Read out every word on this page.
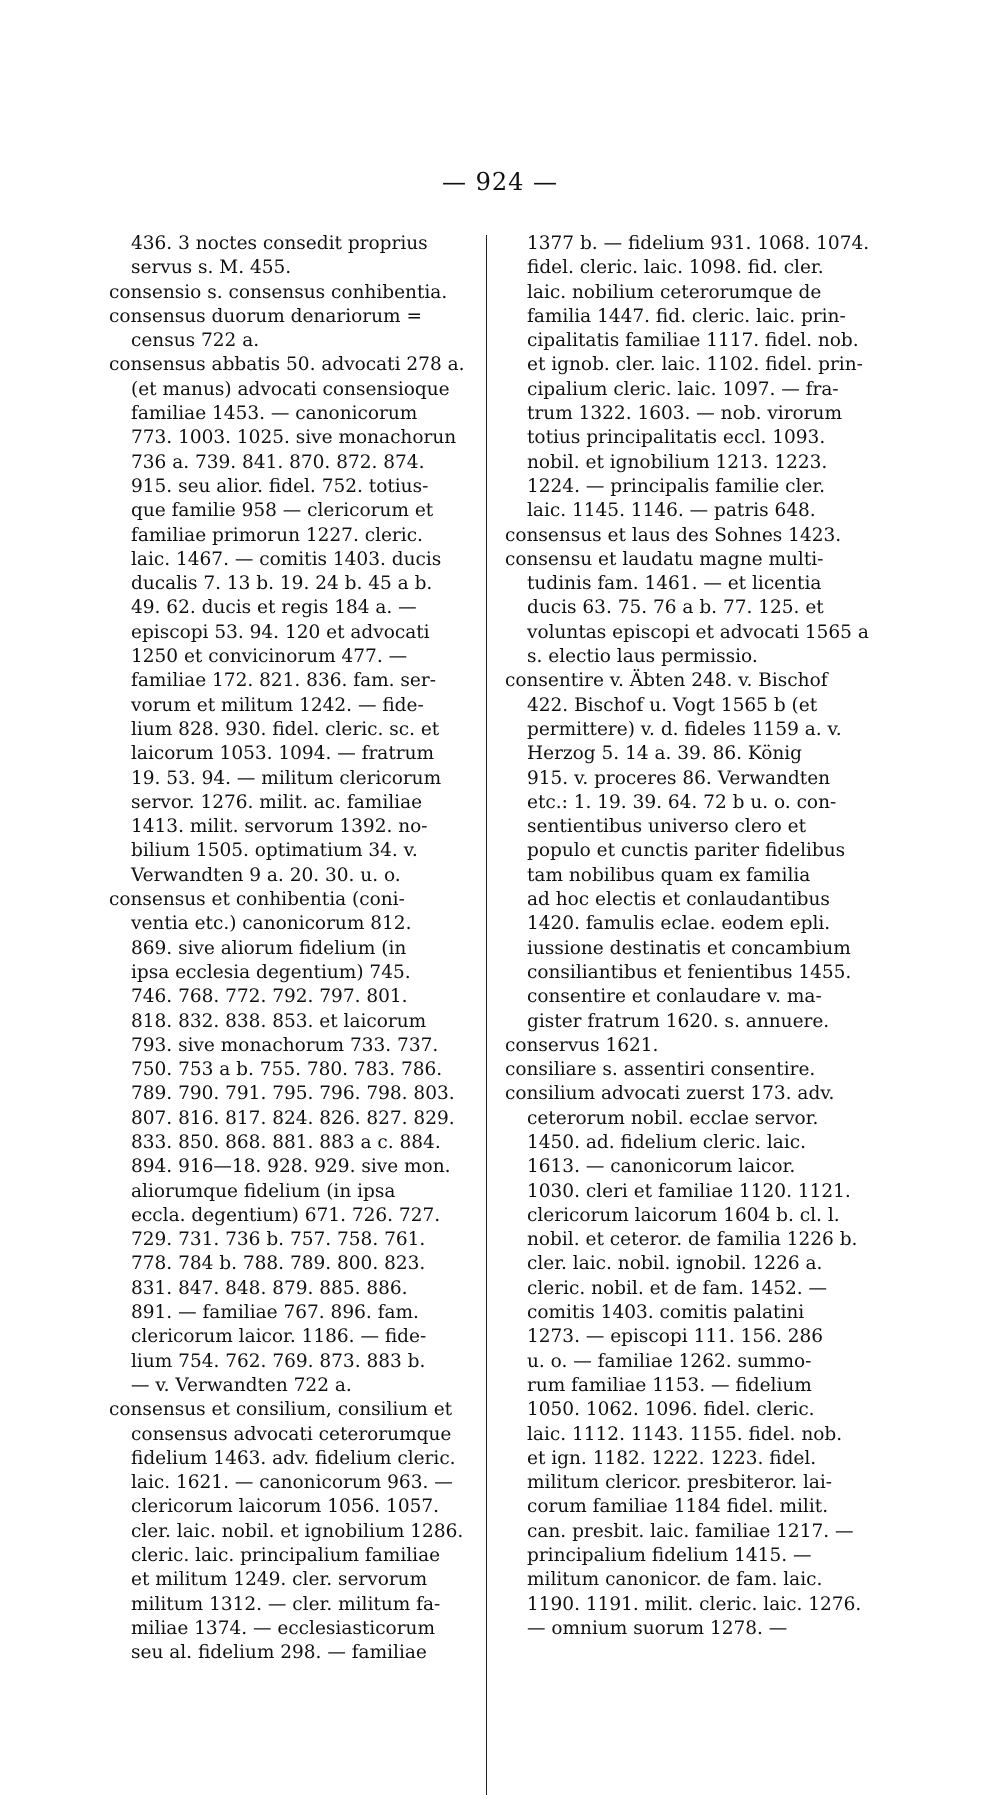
— 924 —
436. 3 noctes consedit proprius
servus s. M. 455.
consensio s. consensus conhibentia.
consensus duorum denariorum =
census 722 a.
consensus abbatis 50. advocati 278 a.
(et manus) advocati consensioque
familiae 1453. — canonicorum
773. 1003. 1025. sive monachorun
736 a. 739. 841. 870. 872. 874.
915. seu alior. fidel. 752. totius-
que familie 958 — clericorum et
familiae primorun 1227. cleric.
laic. 1467. — comitis 1403. ducis
ducalis 7. 13 b. 19. 24 b. 45 a b.
49. 62. ducis et regis 184 a. —
episcopi 53. 94. 120 et advocati
1250 et convicinorum 477. —
familiae 172. 821. 836. fam. ser-
vorum et militum 1242. — fide-
lium 828. 930. fidel. cleric. sc. et
laicorum 1053. 1094. — fratrum
19. 53. 94. — militum clericorum
servor. 1276. milit. ac. familiae
1413. milit. servorum 1392. no-
bilium 1505. optimatium 34. v.
Verwandten 9 a. 20. 30. u. o.
consensus et conhibentia (coni-
ventia etc.) canonicorum 812.
869. sive aliorum fidelium (in
ipsa ecclesia degentium) 745.
746. 768. 772. 792. 797. 801.
818. 832. 838. 853. et laicorum
793. sive monachorum 733. 737.
750. 753 a b. 755. 780. 783. 786.
789. 790. 791. 795. 796. 798. 803.
807. 816. 817. 824. 826. 827. 829.
833. 850. 868. 881. 883 a c. 884.
894. 916—18. 928. 929. sive mon.
aliorumque fidelium (in ipsa
eccla. degentium) 671. 726. 727.
729. 731. 736 b. 757. 758. 761.
778. 784 b. 788. 789. 800. 823.
831. 847. 848. 879. 885. 886.
891. — familiae 767. 896. fam.
clericorum laicor. 1186. — fide-
lium 754. 762. 769. 873. 883 b.
— v. Verwandten 722 a.
consensus et consilium, consilium et
consensus advocati ceterorumque
fidelium 1463. adv. fidelium cleric.
laic. 1621. — canonicorum 963. —
clericorum laicorum 1056. 1057.
cler. laic. nobil. et ignobilium 1286.
cleric. laic. principalium familiae
et militum 1249. cler. servorum
militum 1312. — cler. militum fa-
miliae 1374. — ecclesiasticorum
seu al. fidelium 298. — familiae
1377 b. — fidelium 931. 1068. 1074.
fidel. cleric. laic. 1098. fid. cler.
laic. nobilium ceterorumque de
familia 1447. fid. cleric. laic. prin-
cipalitatis familiae 1117. fidel. nob.
et ignob. cler. laic. 1102. fidel. prin-
cipalium cleric. laic. 1097. — fra-
trum 1322. 1603. — nob. virorum
totius principalitatis eccl. 1093.
nobil. et ignobilium 1213. 1223.
1224. — principalis familie cler.
laic. 1145. 1146. — patris 648.
consensus et laus des Sohnes 1423.
consensu et laudatu magne multi-
tudinis fam. 1461. — et licentia
ducis 63. 75. 76 a b. 77. 125. et
voluntas episcopi et advocati 1565 a
s. electio laus permissio.
consentire v. Äbten 248. v. Bischof
422. Bischof u. Vogt 1565 b (et
permittere) v. d. fideles 1159 a. v.
Herzog 5. 14 a. 39. 86. König
915. v. proceres 86. Verwandten
etc.: 1. 19. 39. 64. 72 b u. o. con-
sentientibus universo clero et
populo et cunctis pariter fidelibus
tam nobilibus quam ex familia
ad hoc electis et conlaudantibus
1420. famulis eclae. eodem epli.
iussione destinatis et concambium
consiliantibus et fenientibus 1455.
consentire et conlaudare v. ma-
gister fratrum 1620. s. annuere.
conservus 1621.
consiliare s. assentiri consentire.
consilium advocati zuerst 173. adv.
ceterorum nobil. ecclae servor.
1450. ad. fidelium cleric. laic.
1613. — canonicorum laicor.
1030. cleri et familiae 1120. 1121.
clericorum laicorum 1604 b. cl. l.
nobil. et ceteror. de familia 1226 b.
cler. laic. nobil. ignobil. 1226 a.
cleric. nobil. et de fam. 1452. —
comitis 1403. comitis palatini
1273. — episcopi 111. 156. 286
u. o. — familiae 1262. summo-
rum familiae 1153. — fidelium
1050. 1062. 1096. fidel. cleric.
laic. 1112. 1143. 1155. fidel. nob.
et ign. 1182. 1222. 1223. fidel.
militum clericor. presbiteror. lai-
corum familiae 1184 fidel. milit.
can. presbit. laic. familiae 1217. —
principalium fidelium 1415. —
militum canonicor. de fam. laic.
1190. 1191. milit. cleric. laic. 1276.
— omnium suorum 1278. —
